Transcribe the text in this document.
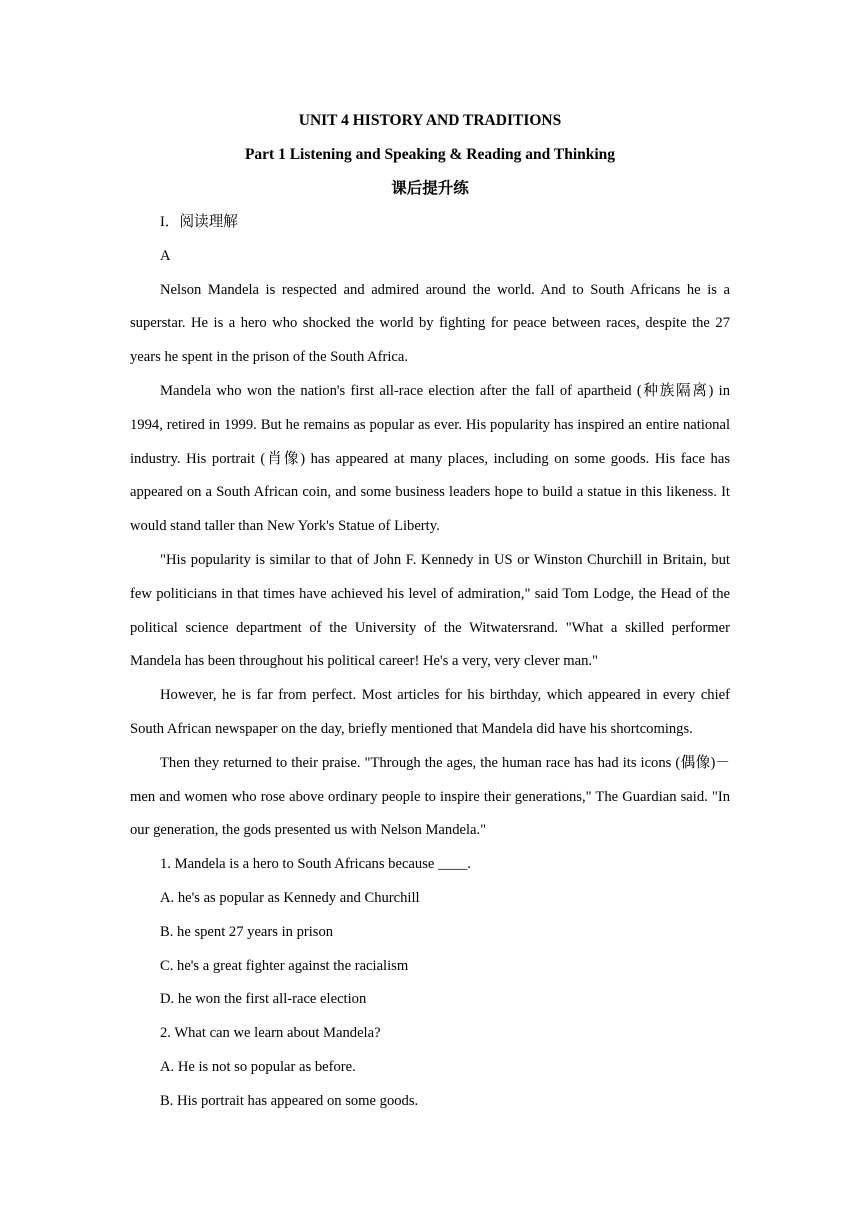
UNIT 4 HISTORY AND TRADITIONS

Part 1 Listening and Speaking & Reading and Thinking

课后提升练

I．阅读理解

A

Nelson Mandela is respected and admired around the world. And to South Africans he is a superstar. He is a hero who shocked the world by fighting for peace between races, despite the 27 years he spent in the prison of the South Africa.

Mandela who won the nation's first all-race election after the fall of apartheid (种族隔离) in 1994, retired in 1999. But he remains as popular as ever. His popularity has inspired an entire national industry. His portrait (肖像) has appeared at many places, including on some goods. His face has appeared on a South African coin, and some business leaders hope to build a statue in this likeness. It would stand taller than New York's Statue of Liberty.

"His popularity is similar to that of John F. Kennedy in US or Winston Churchill in Britain, but few politicians in that times have achieved his level of admiration," said Tom Lodge, the Head of the political science department of the University of the Witwatersrand. "What a skilled performer Mandela has been throughout his political career! He's a very, very clever man."

However, he is far from perfect. Most articles for his birthday, which appeared in every chief South African newspaper on the day, briefly mentioned that Mandela did have his shortcomings.

Then they returned to their praise. "Through the ages, the human race has had its icons (偶像)－men and women who rose above ordinary people to inspire their generations," The Guardian said. "In our generation, the gods presented us with Nelson Mandela."

1. Mandela is a hero to South Africans because ____.

A. he's as popular as Kennedy and Churchill

B. he spent 27 years in prison

C. he's a great fighter against the racialism

D. he won the first all-race election

2. What can we learn about Mandela?

A. He is not so popular as before.

B. His portrait has appeared on some goods.
